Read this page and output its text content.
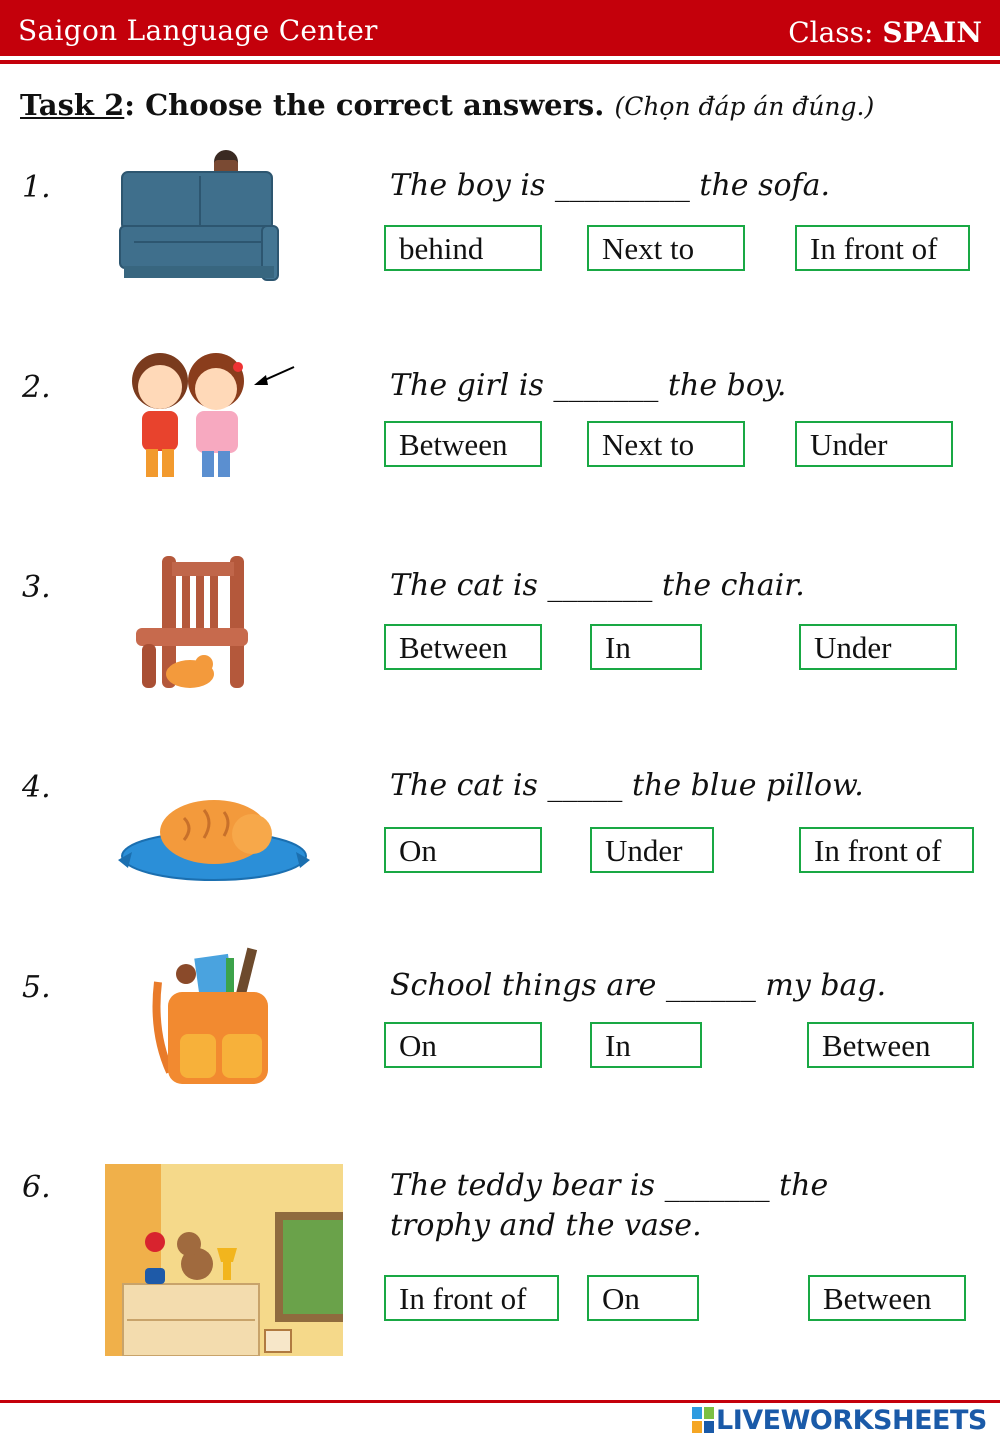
Saigon Language Center	Class: SPAIN
Task 2: Choose the correct answers. (Chọn đáp án đúng.)
1.	The boy is _________ the sofa.
behind	Next to	In front of
2.	The girl is _______ the boy.
Between	Next to	Under
3.	The cat is _______ the chair.
Between	In	Under
4.	The cat is _____ the blue pillow.
On	Under	In front of
5.	School things are ______ my bag.
On	In	Between
6.	The teddy bear is _______ the
trophy and the vase.
In front of	On	Between
LIVEWORKSHEETS
